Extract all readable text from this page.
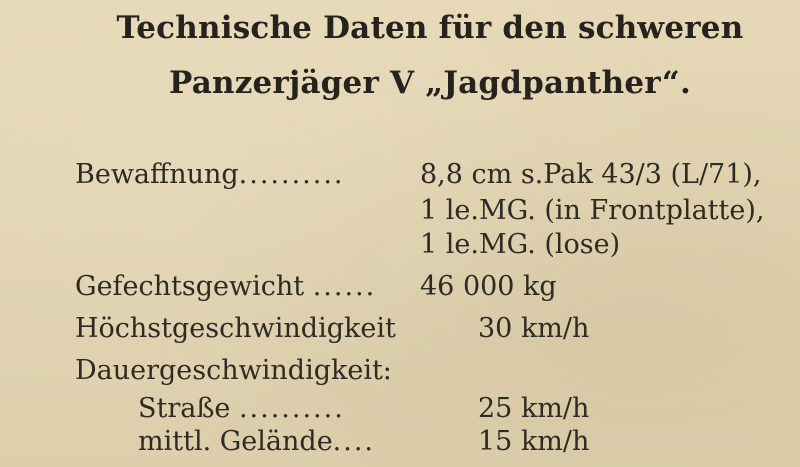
Technische Daten für den schweren
Panzerjäger V „Jagdpanther“.
Bewaffnung..........	8,8 cm s.Pak 43/3 (L/71),
1 le.MG. (in Frontplatte),
1 le.MG. (lose)
Gefechtsgewicht ...... 46 000 kg
Höchstgeschwindigkeit	30 km/h
Dauergeschwindigkeit:
Straße ..........	25 km/h
mittl. Gelände....	15 km/h
